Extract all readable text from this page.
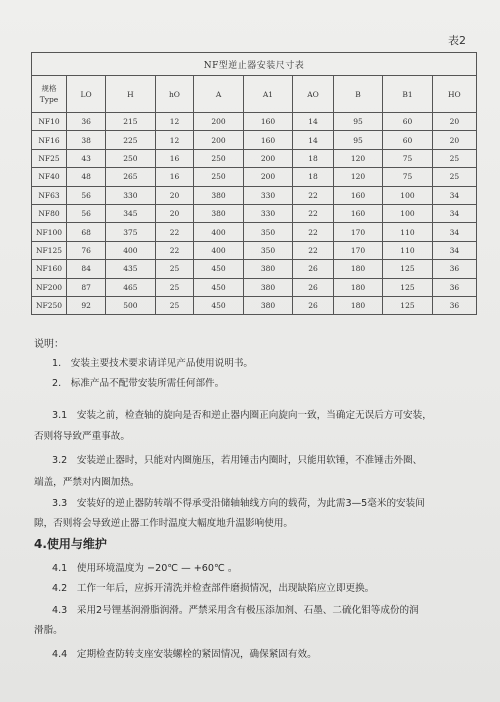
表2
NF型逆止器安装尺寸表									
规格
Type	LO	H	hO	A	A1	AO	B	B1	HO
NF10	36	215	12	200	160	14	95	60	20
NF16	38	225	12	200	160	14	95	60	20
NF25	43	250	16	250	200	18	120	75	25
NF40	48	265	16	250	200	18	120	75	25
NF63	56	330	20	380	330	22	160	100	34
NF80	56	345	20	380	330	22	160	100	34
NF100	68	375	22	400	350	22	170	110	34
NF125	76	400	22	400	350	22	170	110	34
NF160	84	435	25	450	380	26	180	125	36
NF200	87	465	25	450	380	26	180	125	36
NF250	92	500	25	450	380	26	180	125	36
说明：
1.　安装主要技术要求请详见产品使用说明书。
2.　标准产品不配带安装所需任何部件。
3.1　安装之前，检查轴的旋向是否和逆止器内圈正向旋向一致，当确定无误后方可安装，
否则将导致严重事故。
3.2　安装逆止器时，只能对内圈施压，若用锤击内圈时，只能用软锤，不准锤击外圈、
端盖，严禁对内圈加热。
3.3　安装好的逆止器防转端不得承受沿储轴轴线方向的载荷，为此需3—5毫米的安装间
隙，否则将会导致逆止器工作时温度大幅度地升温影响使用。
4.使用与维护
4.1　使用环境温度为 −20℃ — +60℃ 。
4.2　工作一年后，应拆开清洗并检查部件磨损情况，出现缺陷应立即更换。
4.3　采用2号锂基润滑脂润滑。严禁采用含有极压添加剂、石墨、二硫化钼等成份的润
滑脂。
4.4　定期检查防转支座安装螺栓的紧固情况，确保紧固有效。
